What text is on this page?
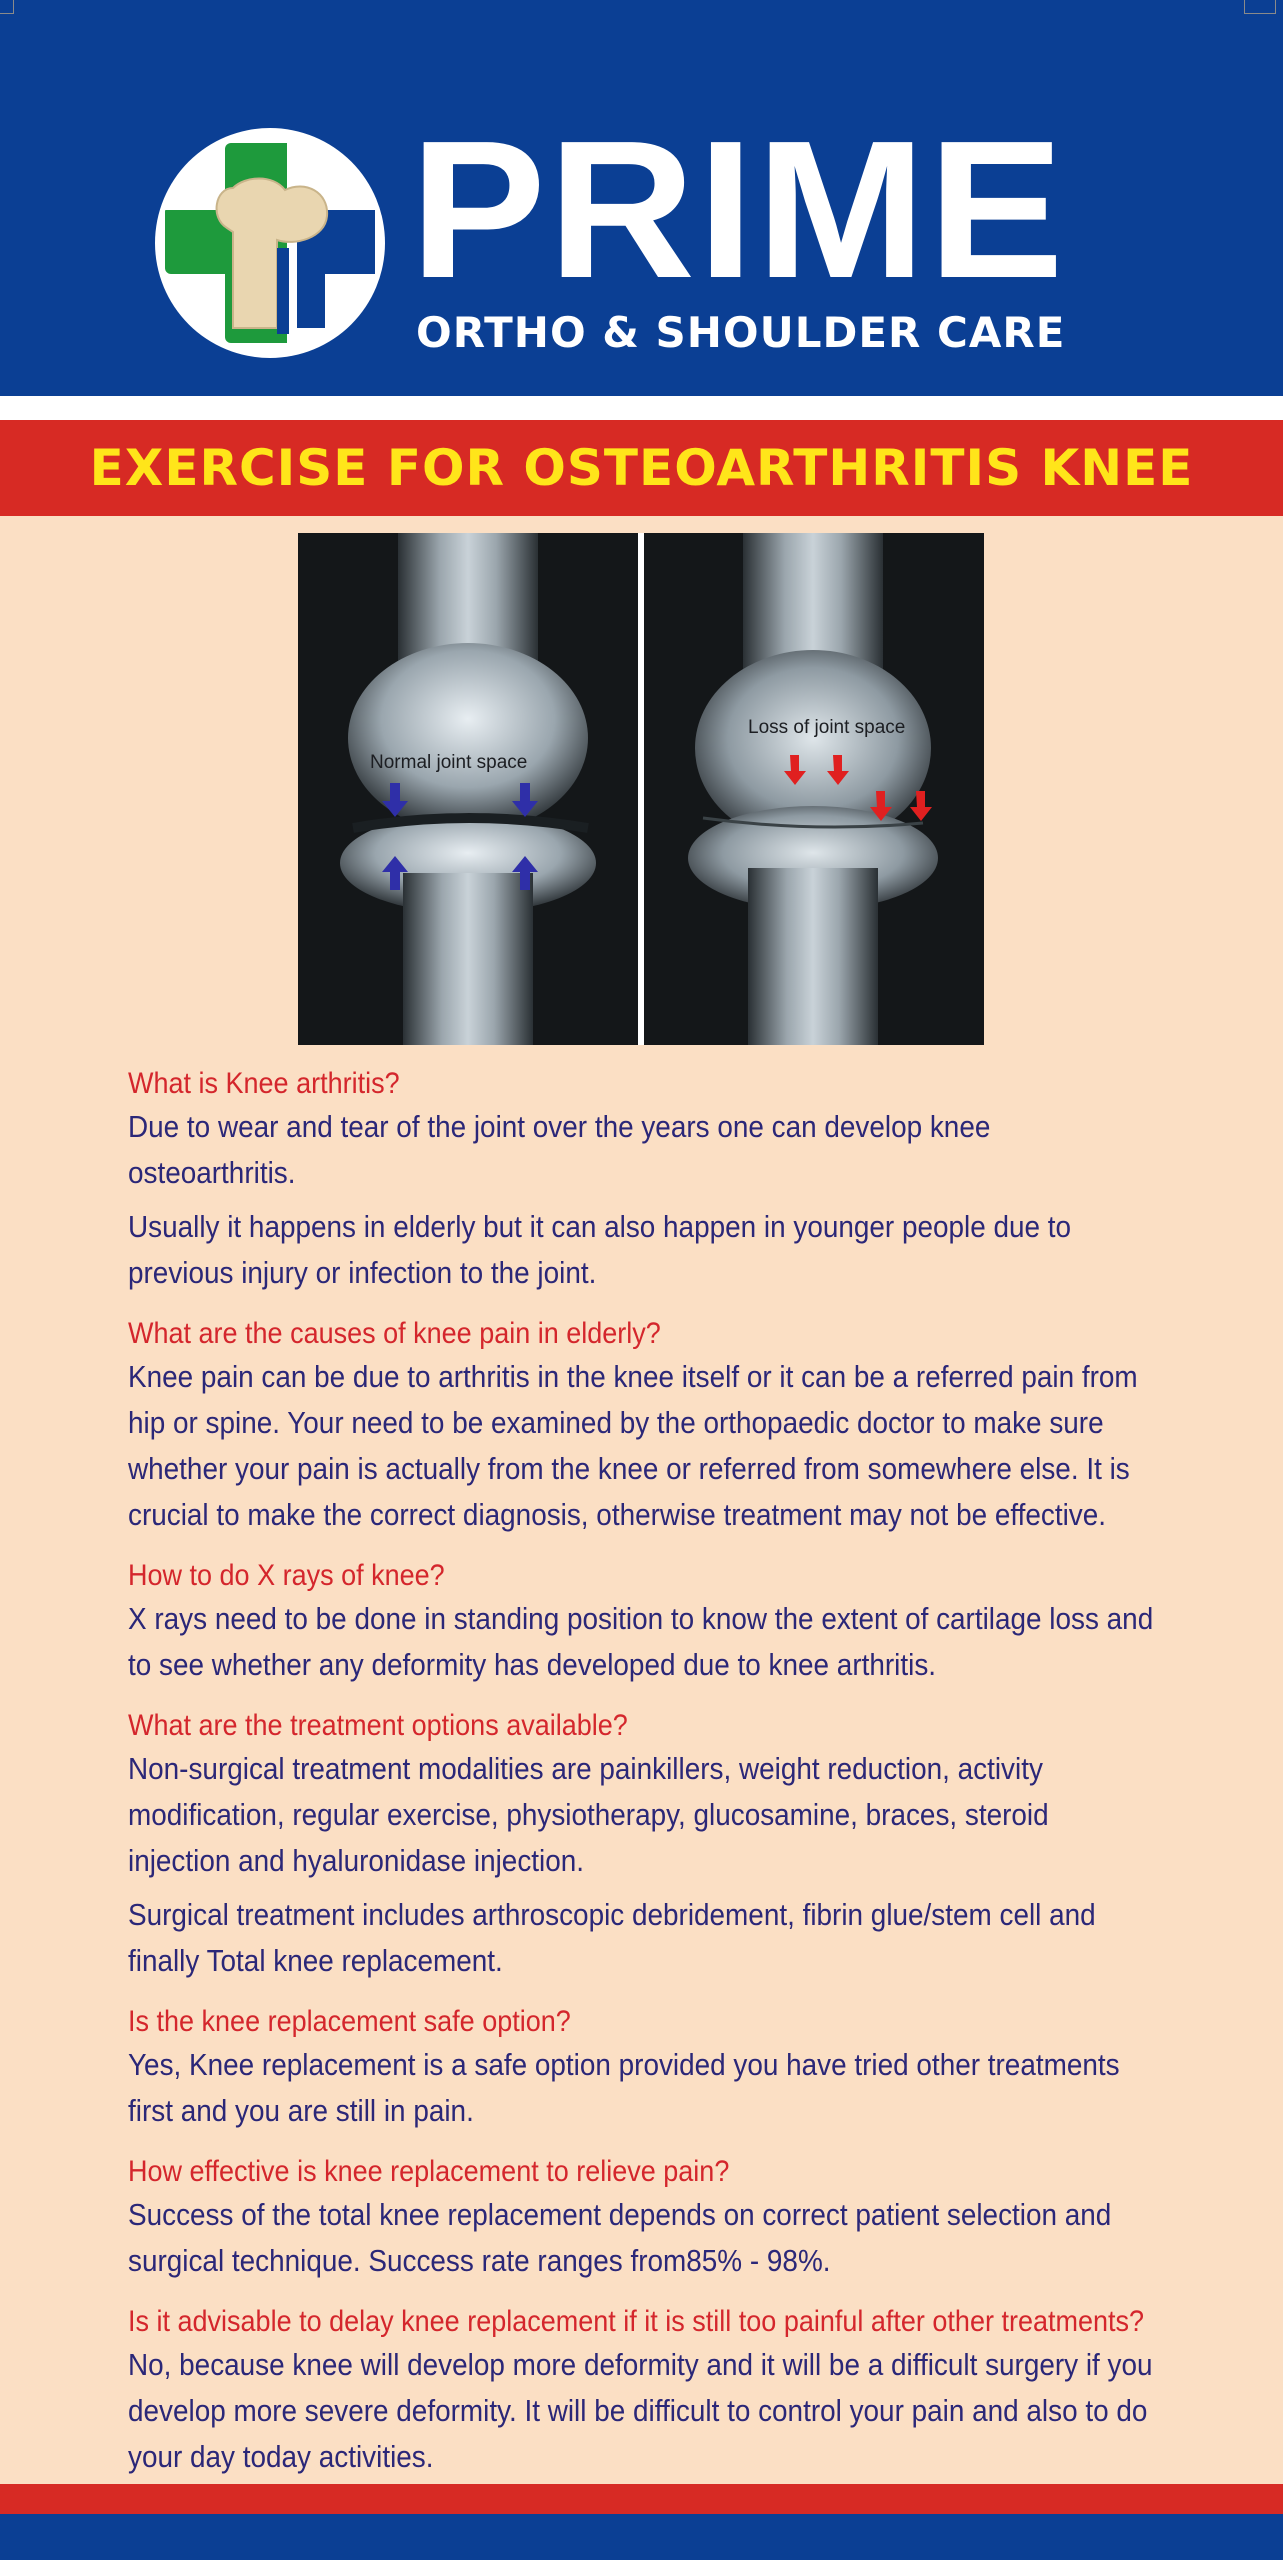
PRIME
ORTHO & SHOULDER CARE
EXERCISE FOR OSTEOARTHRITIS KNEE
Normal joint space
Loss of joint space

What is Knee arthritis?

Due to wear and tear of the joint over the years one can develop knee osteoarthritis.

Usually it happens in elderly but it can also happen in younger people due to previous injury or infection to the joint.

What are the causes of knee pain in elderly?

Knee pain can be due to arthritis in the knee itself or it can be a referred pain from hip or spine. Your need to be examined by the orthopaedic doctor to make sure whether your pain is actually from the knee or referred from somewhere else. It is crucial to make the correct diagnosis, otherwise treatment may not be effective.

How to do X rays of knee?

X rays need to be done in standing position to know the extent of cartilage loss and to see whether any deformity has developed due to knee arthritis.

What are the treatment options available?

Non-surgical treatment modalities are painkillers, weight reduction, activity modification, regular exercise, physiotherapy, glucosamine, braces, steroid injection and hyaluronidase injection.

Surgical treatment includes arthroscopic debridement, fibrin glue/stem cell and finally Total knee replacement.

Is the knee replacement safe option?

Yes, Knee replacement is a safe option provided you have tried other treatments first and you are still in pain.

How effective is knee replacement to relieve pain?

Success of the total knee replacement depends on correct patient selection and surgical technique. Success rate ranges from85% - 98%.

Is it advisable to delay knee replacement if it is still too painful after other treatments?

No, because knee will develop more deformity and it will be a difficult surgery if you develop more severe deformity. It will be difficult to control your pain and also to do your day today activities.
